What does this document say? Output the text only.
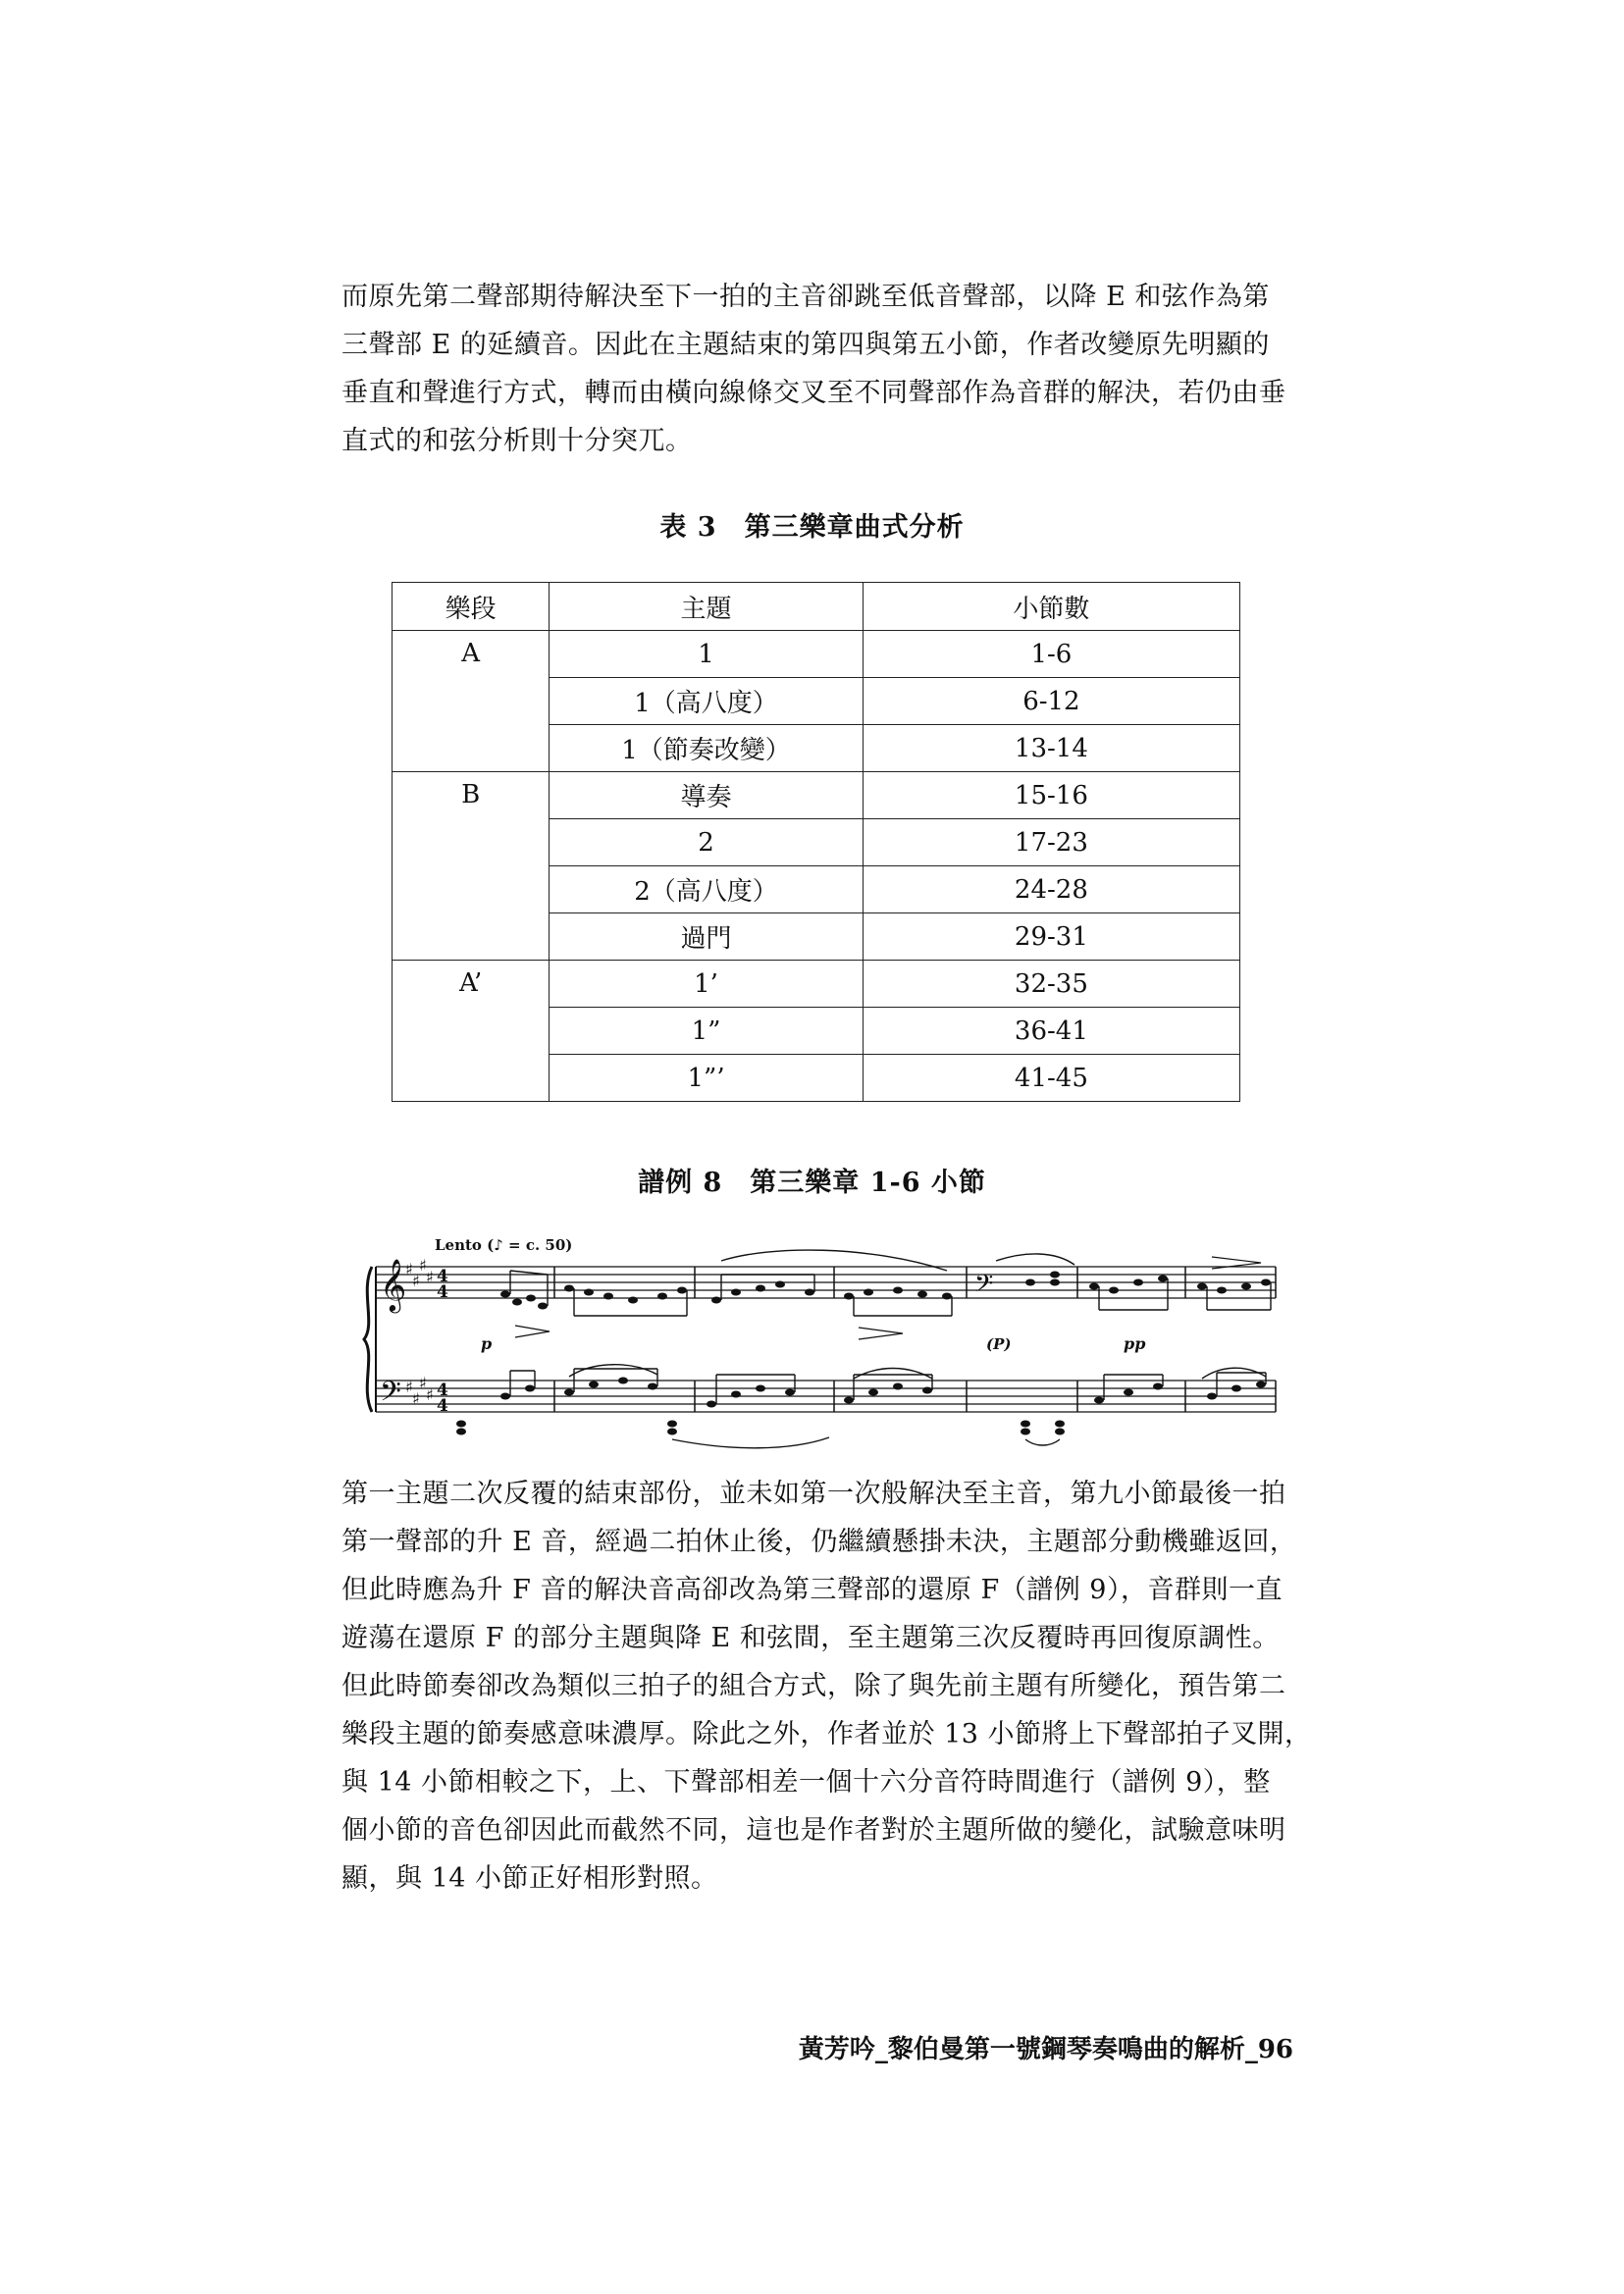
而原先第二聲部期待解決至下一拍的主音卻跳至低音聲部，以降 E 和弦作為第
三聲部 E 的延續音。因此在主題結束的第四與第五小節，作者改變原先明顯的
垂直和聲進行方式，轉而由橫向線條交叉至不同聲部作為音群的解決，若仍由垂
直式的和弦分析則十分突兀。
表 3　第三樂章曲式分析
樂段	主題	小節數
A	1	1-6
	1（高八度）	6-12
	1（節奏改變）	13-14
B	導奏	15-16
	2	17-23
	2（高八度）	24-28
	過門	29-31
A’	1’	32-35
	1”	36-41
	1”’	41-45
譜例 8　第三樂章 1-6 小節
Lento (♪ = c. 50)
𝄞
𝄢
𝄢
♯
♯
♯
♯
♯
♯
♯
♯
4
4
4
4
p	(P)	pp
第一主題二次反覆的結束部份，並未如第一次般解決至主音，第九小節最後一拍
第一聲部的升 E 音，經過二拍休止後，仍繼續懸掛未決，主題部分動機雖返回，
但此時應為升 F 音的解決音高卻改為第三聲部的還原 F（譜例 9），音群則一直
遊蕩在還原 F 的部分主題與降 E 和弦間，至主題第三次反覆時再回復原調性。
但此時節奏卻改為類似三拍子的組合方式，除了與先前主題有所變化，預告第二
樂段主題的節奏感意味濃厚。除此之外，作者並於 13 小節將上下聲部拍子叉開，
與 14 小節相較之下，上、下聲部相差一個十六分音符時間進行（譜例 9），整
個小節的音色卻因此而截然不同，這也是作者對於主題所做的變化，試驗意味明
顯，與 14 小節正好相形對照。
黃芳吟_黎伯曼第一號鋼琴奏鳴曲的解析_96
